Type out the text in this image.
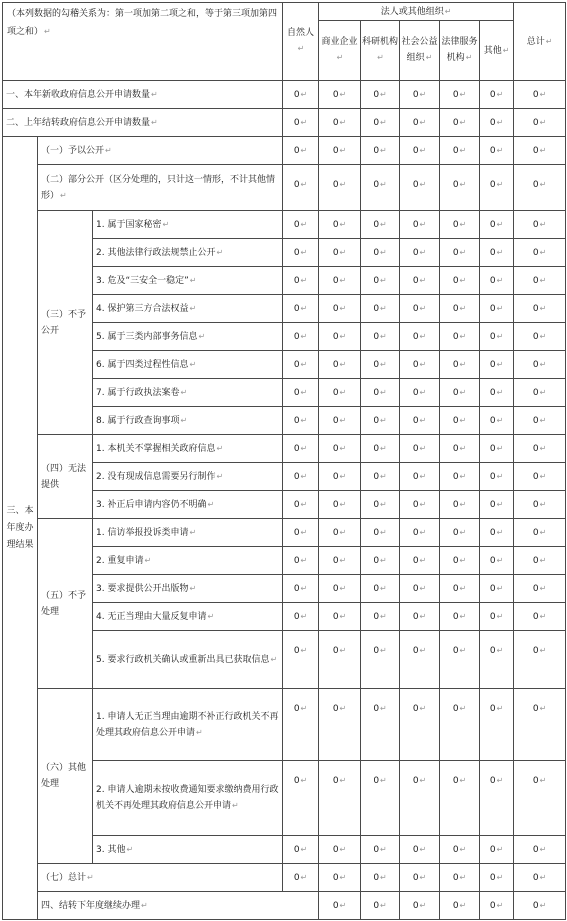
（本列数据的勾稽关系为：第一项加第二项之和，等于第三项加第四项之和）↵			自然人↵	法人或其他组织↵					总计↵	
				商业企业↵	科研机构↵	社会公益组织↵	法律服务机构↵	其他↵		

一、本年新收政府信息公开申请数量↵			0↵	0↵	0↵	0↵	0↵	0↵	0↵	
二、上年结转政府信息公开申请数量↵			0↵	0↵	0↵	0↵	0↵	0↵	0↵	
三、本年度办理结果	（一）予以公开↵		0↵	0↵	0↵	0↵	0↵	0↵	0↵	
	（二）部分公开（区分处理的，只计这一情形，不计其他情形）↵		0↵	0↵	0↵	0↵	0↵	0↵	0↵	
	（三）不予公开	1. 属于国家秘密↵	0↵	0↵	0↵	0↵	0↵	0↵	0↵	
		2. 其他法律行政法规禁止公开↵	0↵	0↵	0↵	0↵	0↵	0↵	0↵	
		3. 危及“三安全一稳定”↵	0↵	0↵	0↵	0↵	0↵	0↵	0↵	
		4. 保护第三方合法权益↵	0↵	0↵	0↵	0↵	0↵	0↵	0↵	
		5. 属于三类内部事务信息↵	0↵	0↵	0↵	0↵	0↵	0↵	0↵	
		6. 属于四类过程性信息↵	0↵	0↵	0↵	0↵	0↵	0↵	0↵	
		7. 属于行政执法案卷↵	0↵	0↵	0↵	0↵	0↵	0↵	0↵	
		8. 属于行政查询事项↵	0↵	0↵	0↵	0↵	0↵	0↵	0↵	
	（四）无法提供	1. 本机关不掌握相关政府信息↵	0↵	0↵	0↵	0↵	0↵	0↵	0↵	
		2. 没有现成信息需要另行制作↵	0↵	0↵	0↵	0↵	0↵	0↵	0↵	
		3. 补正后申请内容仍不明确↵	0↵	0↵	0↵	0↵	0↵	0↵	0↵	
	（五）不予处理	1. 信访举报投诉类申请↵	0↵	0↵	0↵	0↵	0↵	0↵	0↵	
		2. 重复申请↵	0↵	0↵	0↵	0↵	0↵	0↵	0↵	
		3. 要求提供公开出版物↵	0↵	0↵	0↵	0↵	0↵	0↵	0↵	
		4. 无正当理由大量反复申请↵	0↵	0↵	0↵	0↵	0↵	0↵	0↵	
		5. 要求行政机关确认或重新出具已获取信息↵	0↵	0↵	0↵	0↵	0↵	0↵	0↵	
	（六）其他处理	1. 申请人无正当理由逾期不补正行政机关不再处理其政府信息公开申请↵	0↵	0↵	0↵	0↵	0↵	0↵	0↵	
		2. 申请人逾期未按收费通知要求缴纳费用行政机关不再处理其政府信息公开申请↵	0↵	0↵	0↵	0↵	0↵	0↵	0↵	
		3. 其他↵	0↵	0↵	0↵	0↵	0↵	0↵	0↵	
	（七）总计↵		0↵	0↵	0↵	0↵	0↵	0↵	0↵	
	四、结转下年度继续办理↵			0↵	0↵	0↵	0↵	0↵	0↵	
